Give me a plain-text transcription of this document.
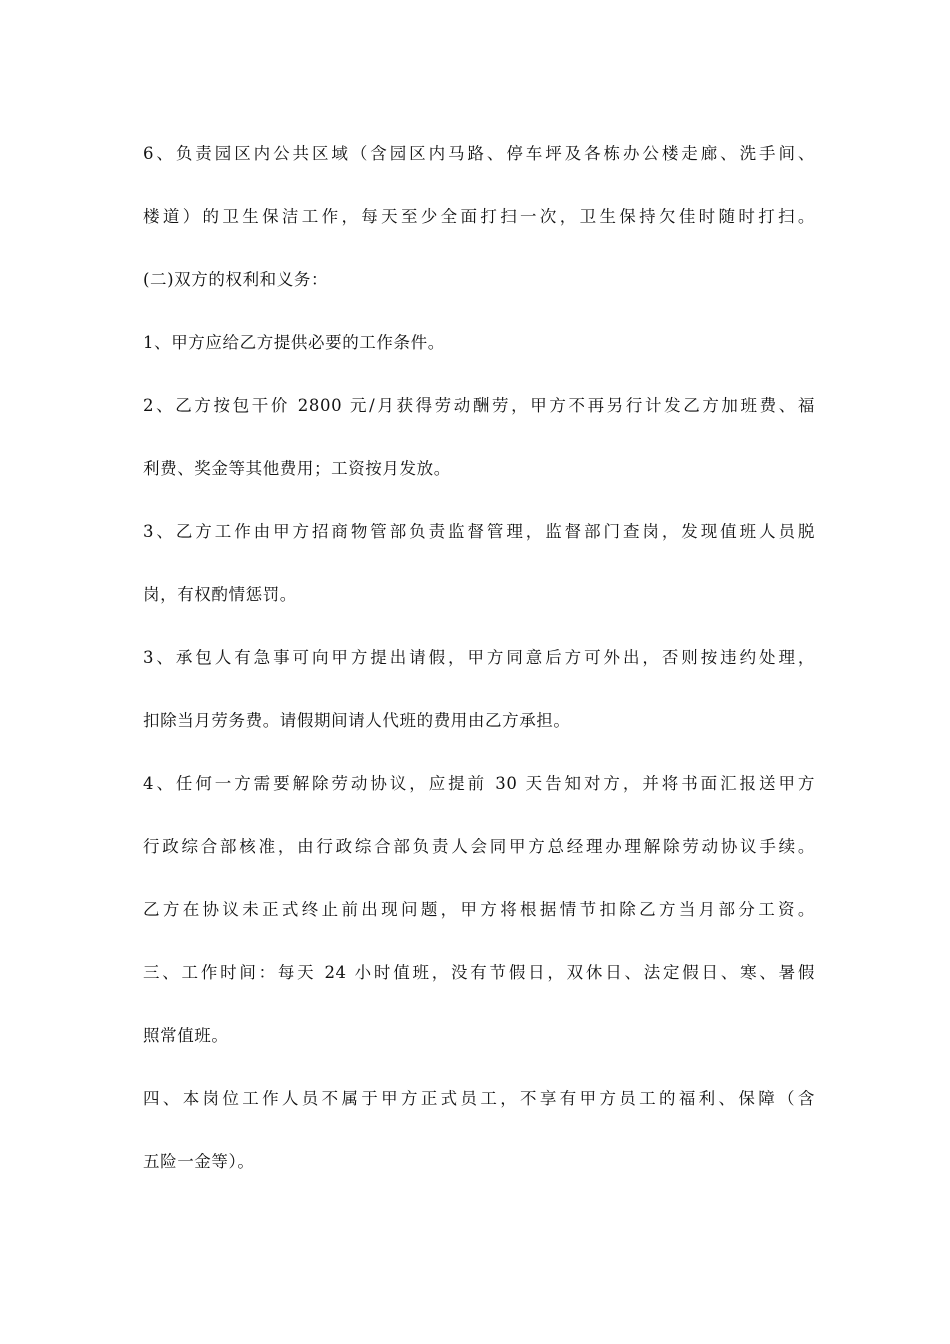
6、负责园区内公共区域（含园区内马路、停车坪及各栋办公楼走廊、洗手间、
楼道）的卫生保洁工作，每天至少全面打扫一次，卫生保持欠佳时随时打扫。
(二)双方的权利和义务：
1、甲方应给乙方提供必要的工作条件。
2、乙方按包干价 2800 元/月获得劳动酬劳，甲方不再另行计发乙方加班费、福
利费、奖金等其他费用；工资按月发放。
3、乙方工作由甲方招商物管部负责监督管理，监督部门查岗，发现值班人员脱
岗，有权酌情惩罚。
3、承包人有急事可向甲方提出请假，甲方同意后方可外出，否则按违约处理，
扣除当月劳务费。请假期间请人代班的费用由乙方承担。
4、任何一方需要解除劳动协议，应提前 30 天告知对方，并将书面汇报送甲方
行政综合部核准，由行政综合部负责人会同甲方总经理办理解除劳动协议手续。
乙方在协议未正式终止前出现问题，甲方将根据情节扣除乙方当月部分工资。
三、工作时间：每天 24 小时值班，没有节假日，双休日、法定假日、寒、暑假
照常值班。
四、本岗位工作人员不属于甲方正式员工，不享有甲方员工的福利、保障（含
五险一金等）。
